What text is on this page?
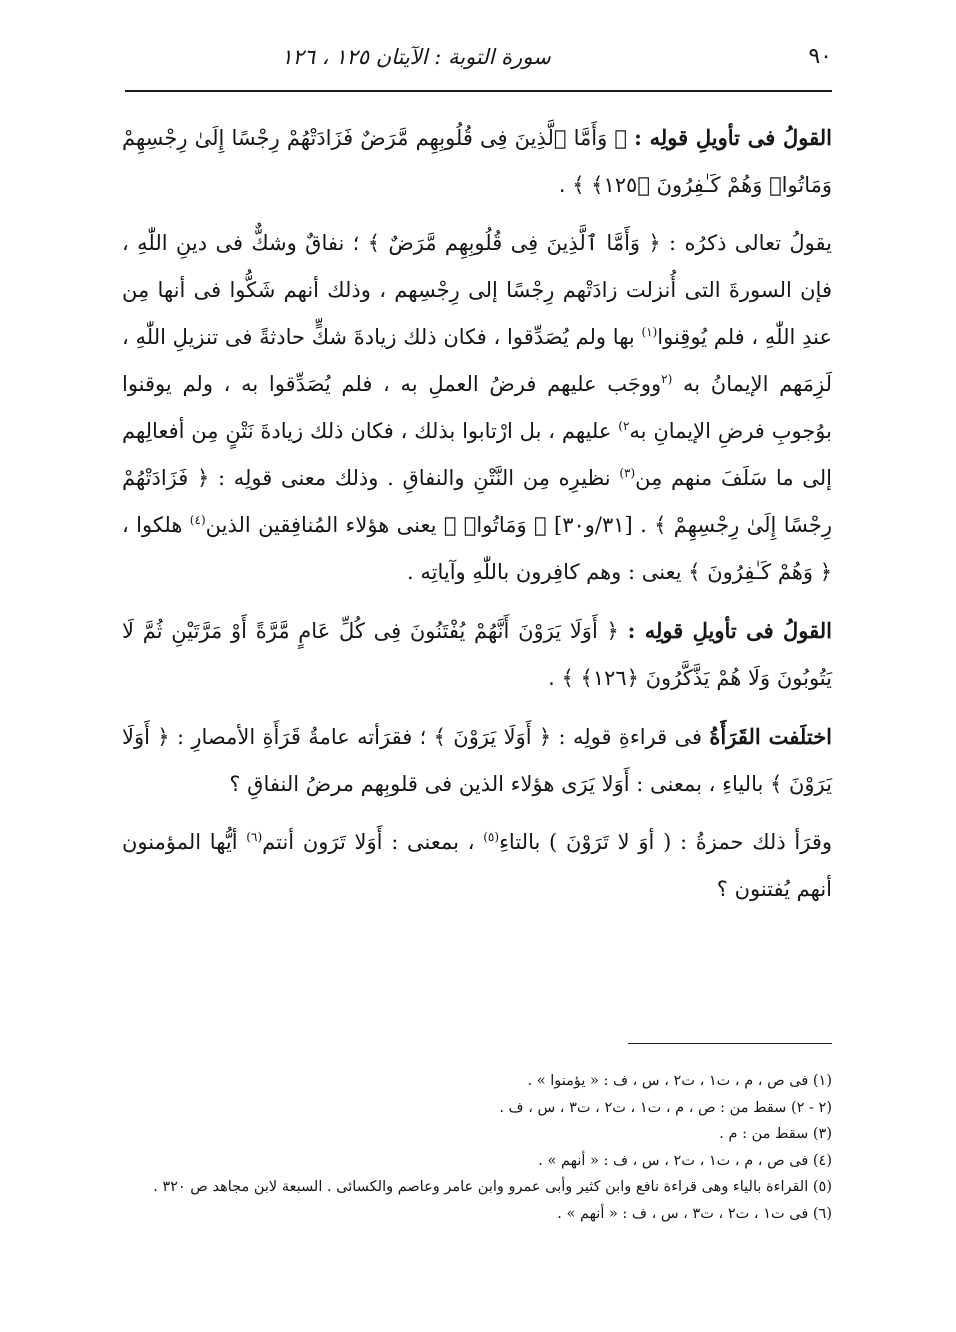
٩٠
سورة التوبة : الآيتان ١٢٥ ، ١٢٦

القولُ فى تأويلِ قولِه : ﴿ وَأَمَّا ٱلَّذِينَ فِى قُلُوبِهِم مَّرَضٌ فَزَادَتْهُمْ رِجْسًا إِلَىٰ رِجْسِهِمْ وَمَاتُوا۟ وَهُمْ كَـٰفِرُونَ ﴿١٢٥﴾ ﴾ .

يقولُ تعالى ذكرُه : ﴿ وَأَمَّا ٱلَّذِينَ فِى قُلُوبِهِم مَّرَضٌ ﴾ ؛ نفاقٌ وشكٌّ فى دينِ اللّٰهِ ، فإن السورةَ التى أُنزلت زادَتْهم رِجْسًا إلى رِجْسِهم ، وذلك أنهم شَكُّوا فى أنها مِن عندِ اللّٰهِ ، فلم يُوقِنوا$^{(١)}$ بها ولم يُصَدِّقوا ، فكان ذلك زيادةَ شكٍّ حادثةً فى تنزيلِ اللّٰهِ ، لَزِمَهم الإيمانُ به $^{(٢}$ووجَب عليهم فرضُ العملِ به ، فلم يُصَدِّقوا به ، ولم يوقنوا بوُجوبِ فرضِ الإيمانِ به$^{٢)}$ عليهم ، بل ارْتابوا بذلك ، فكان ذلك زيادةَ نَتْنٍ مِن أفعالِهم إلى ما سَلَفَ منهم مِن$^{(٣)}$ نظيرِه مِن النَّتْنِ والنفاقِ . وذلك معنى قولِه : ﴿ فَزَادَتْهُمْ رِجْسًا إِلَىٰ رِجْسِهِمْ ﴾ . [٣١/و٣٠] ﴿ وَمَاتُوا۟ ﴾ يعنى هؤلاء المُنافِقين الذين$^{(٤)}$ هلكوا ، ﴿ وَهُمْ كَـٰفِرُونَ ﴾ يعنى : وهم كافِرون باللّٰهِ وآياتِه .

القولُ فى تأويلِ قولِه : ﴿ أَوَلَا يَرَوْنَ أَنَّهُمْ يُفْتَنُونَ فِى كُلِّ عَامٍ مَّرَّةً أَوْ مَرَّتَيْنِ ثُمَّ لَا يَتُوبُونَ وَلَا هُمْ يَذَّكَّرُونَ ﴿١٢٦﴾ ﴾ .

اختلَفت القَرَأَةُ فى قراءةِ قولِه : ﴿ أَوَلَا يَرَوْنَ ﴾ ؛ فقرَأته عامةُ قَرَأَةِ الأمصارِ : ﴿ أَوَلَا يَرَوْنَ ﴾ بالياءِ ، بمعنى : أَوَلا يَرَى هؤلاء الذين فى قلوبِهم مرضُ النفاقِ ؟

وقرَأ ذلك حمزةُ : ( أوَ لا تَرَوْنَ ) بالتاءِ$^{(٥)}$ ، بمعنى : أَوَلا تَرَون أنتم$^{(٦)}$ أيُّها المؤمنون أنهم يُفتنون ؟

(١) فى ص ، م ، ت١ ، ت٢ ، س ، ف : « يؤمنوا » .
(٢ - ٢) سقط من : ص ، م ، ت١ ، ت٢ ، ت٣ ، س ، ف .
(٣) سقط من : م .
(٤) فى ص ، م ، ت١ ، ت٢ ، س ، ف : « أنهم » .
(٥) القراءة بالياء وهى قراءة نافع وابن كثير وأبى عمرو وابن عامر وعاصم والكسائى . السبعة لابن مجاهد ص ٣٢٠ .
(٦) فى ت١ ، ت٢ ، ت٣ ، س ، ف : « أنهم » .
